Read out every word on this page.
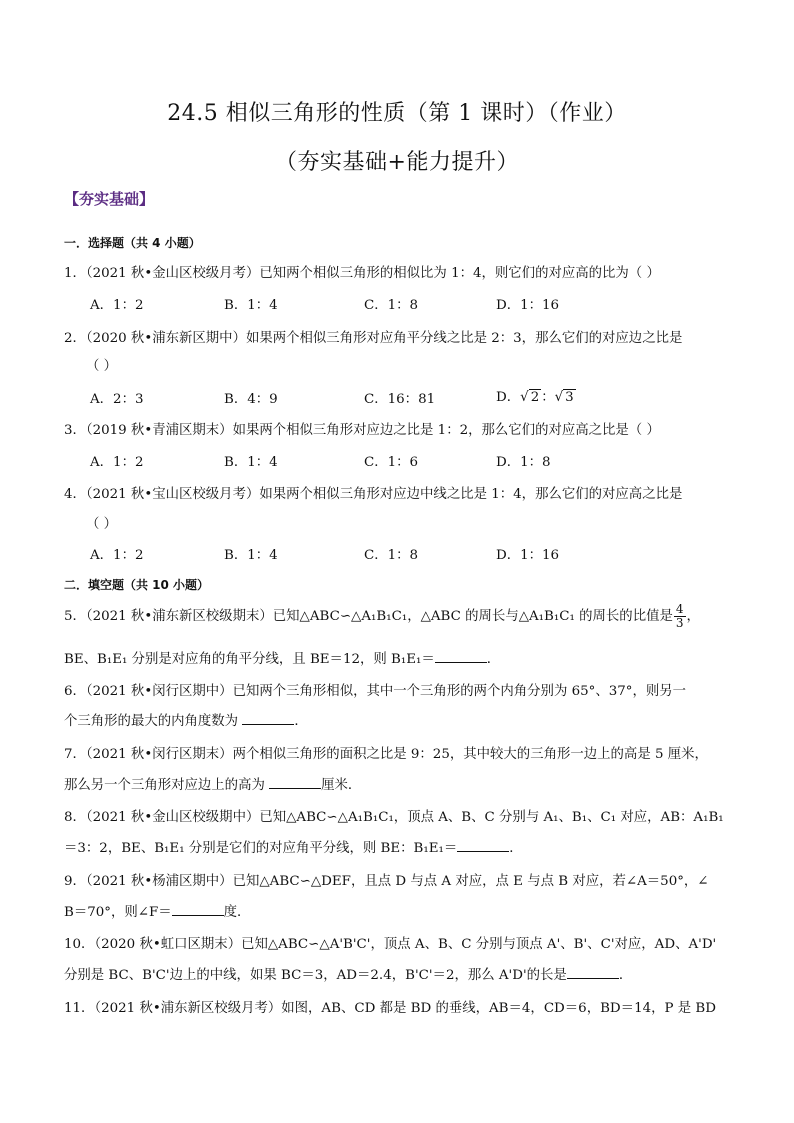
24.5 相似三角形的性质（第 1 课时）（作业）
（夯实基础+能力提升）
【夯实基础】
一．选择题（共 4 小题）
1．（2021 秋•金山区校级月考）已知两个相似三角形的相似比为 1：4，则它们的对应高的比为（ ）
A．1：2	B．1：4	C．1：8	D．1：16
2．（2020 秋•浦东新区期中）如果两个相似三角形对应角平分线之比是 2：3，那么它们的对应边之比是
（ ）
A．2：3	B．4：9	C．16：81	D．√ 2 ：√ 3
3．（2019 秋•青浦区期末）如果两个相似三角形对应边之比是 1：2，那么它们的对应高之比是（ ）
A．1：2	B．1：4	C．1：6	D．1：8
4．（2021 秋•宝山区校级月考）如果两个相似三角形对应边中线之比是 1：4，那么它们的对应高之比是
（ ）
A．1：2	B．1：4	C．1：8	D．1：16
二．填空题（共 10 小题）
5．（2021 秋•浦东新区校级期末）已知△ABC∽△A₁B₁C₁，△ABC 的周长与△A₁B₁C₁ 的周长的比值是 $\frac{4}{3}$ ，
BE、B₁E₁ 分别是对应角的角平分线，且 BE＝12，则 B₁E₁＝	．
6．（2021 秋•闵行区期中）已知两个三角形相似，其中一个三角形的两个内角分别为 65°、37°，则另一
个三角形的最大的内角度数为	．
7．（2021 秋•闵行区期末）两个相似三角形的面积之比是 9：25，其中较大的三角形一边上的高是 5 厘米，
那么另一个三角形对应边上的高为	厘米．
8．（2021 秋•金山区校级期中）已知△ABC∽△A₁B₁C₁，顶点 A、B、C 分别与 A₁、B₁、C₁ 对应，AB：A₁B₁
＝3：2，BE、B₁E₁ 分别是它们的对应角平分线，则 BE：B₁E₁＝	．
9．（2021 秋•杨浦区期中）已知△ABC∽△DEF，且点 D 与点 A 对应，点 E 与点 B 对应，若∠A＝50°，∠
B＝70°，则∠F＝	度．
10．（2020 秋•虹口区期末）已知△ABC∽△A'B'C'，顶点 A、B、C 分别与顶点 A'、B'、C'对应，AD、A'D'
分别是 BC、B'C'边上的中线，如果 BC＝3，AD＝2.4，B'C'＝2，那么 A'D'的长是	．
11．（2021 秋•浦东新区校级月考）如图，AB、CD 都是 BD 的垂线，AB＝4，CD＝6，BD＝14，P 是 BD
